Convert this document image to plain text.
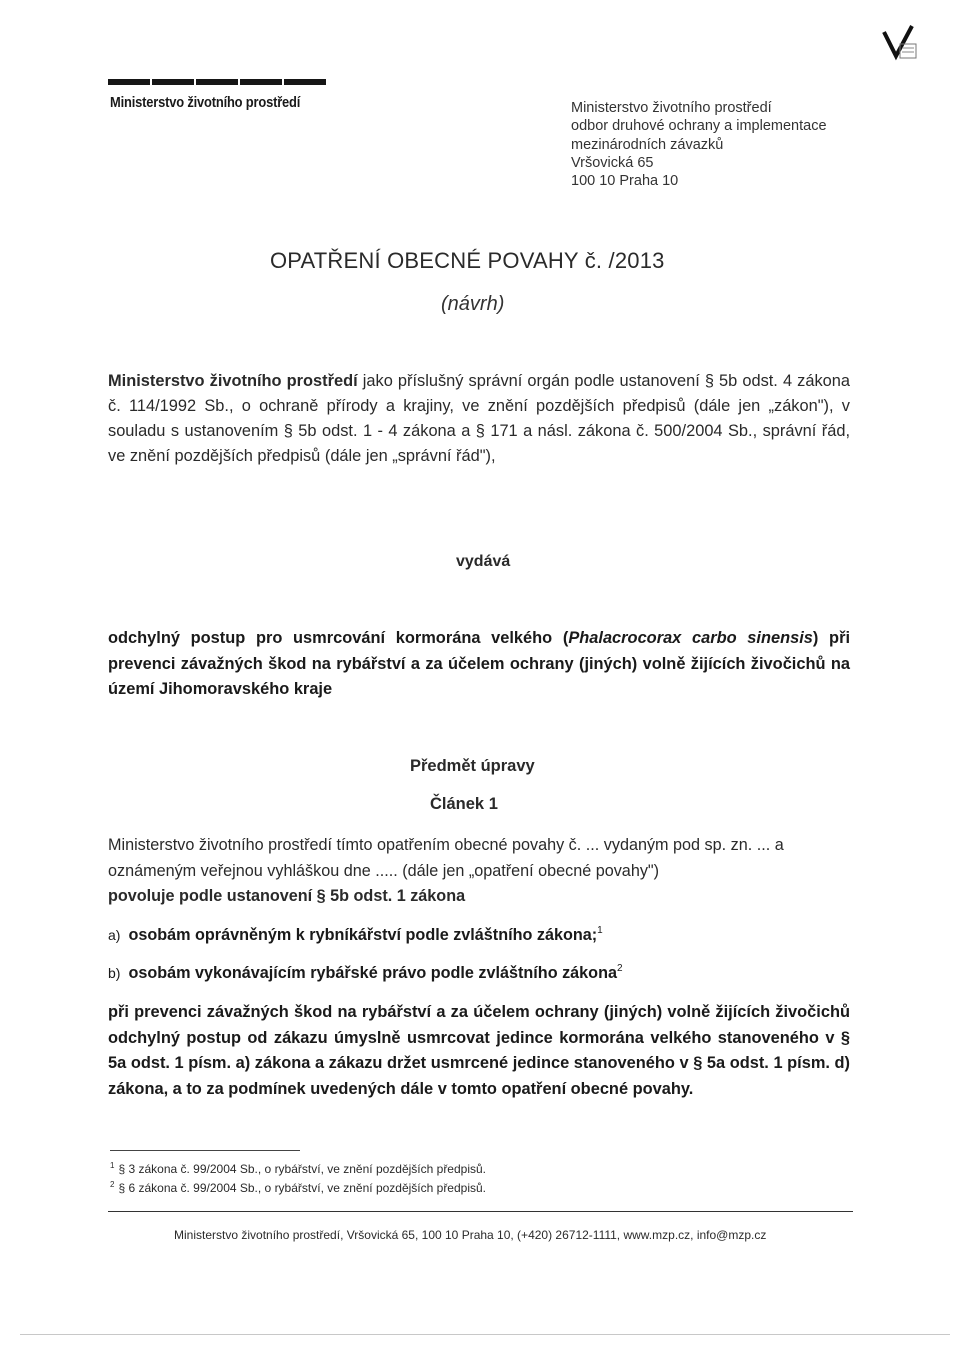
Ministerstvo životního prostředí	Ministerstvo životního prostředí
odbor druhové ochrany a implementace
mezinárodních závazků
Vršovická 65
100 10 Praha 10
OPATŘENÍ OBECNÉ POVAHY č. /2013
(návrh)
Ministerstvo životního prostředí jako příslušný správní orgán podle ustanovení § 5b odst. 4 zákona č. 114/1992 Sb., o ochraně přírody a krajiny, ve znění pozdějších předpisů (dále jen „zákon"), v souladu s ustanovením § 5b odst. 1 - 4 zákona a § 171 a násl. zákona č. 500/2004 Sb., správní řád, ve znění pozdějších předpisů (dále jen „správní řád"),
vydává
odchylný postup pro usmrcování kormorána velkého (Phalacrocorax carbo sinensis) při prevenci závažných škod na rybářství a za účelem ochrany (jiných) volně žijících živočichů na území Jihomoravského kraje
Předmět úpravy
Článek 1
Ministerstvo životního prostředí tímto opatřením obecné povahy č. ... vydaným pod sp. zn. ... a oznámeným veřejnou vyhláškou dne ..... (dále jen „opatření obecné povahy")
povoluje podle ustanovení § 5b odst. 1 zákona
a) osobám oprávněným k rybníkářství podle zvláštního zákona;$^1$
b) osobám vykonávajícím rybářské právo podle zvláštního zákona$^2$
při prevenci závažných škod na rybářství a za účelem ochrany (jiných) volně žijících živočichů odchylný postup od zákazu úmyslně usmrcovat jedince kormorána velkého stanoveného v § 5a odst. 1 písm. a) zákona a zákazu držet usmrcené jedince stanoveného v § 5a odst. 1 písm. d) zákona, a to za podmínek uvedených dále v tomto opatření obecné povahy.
$^1$ § 3 zákona č. 99/2004 Sb., o rybářství, ve znění pozdějších předpisů.
$^2$ § 6 zákona č. 99/2004 Sb., o rybářství, ve znění pozdějších předpisů.
Ministerstvo životního prostředí, Vršovická 65, 100 10 Praha 10, (+420) 26712-1111, www.mzp.cz, info@mzp.cz
